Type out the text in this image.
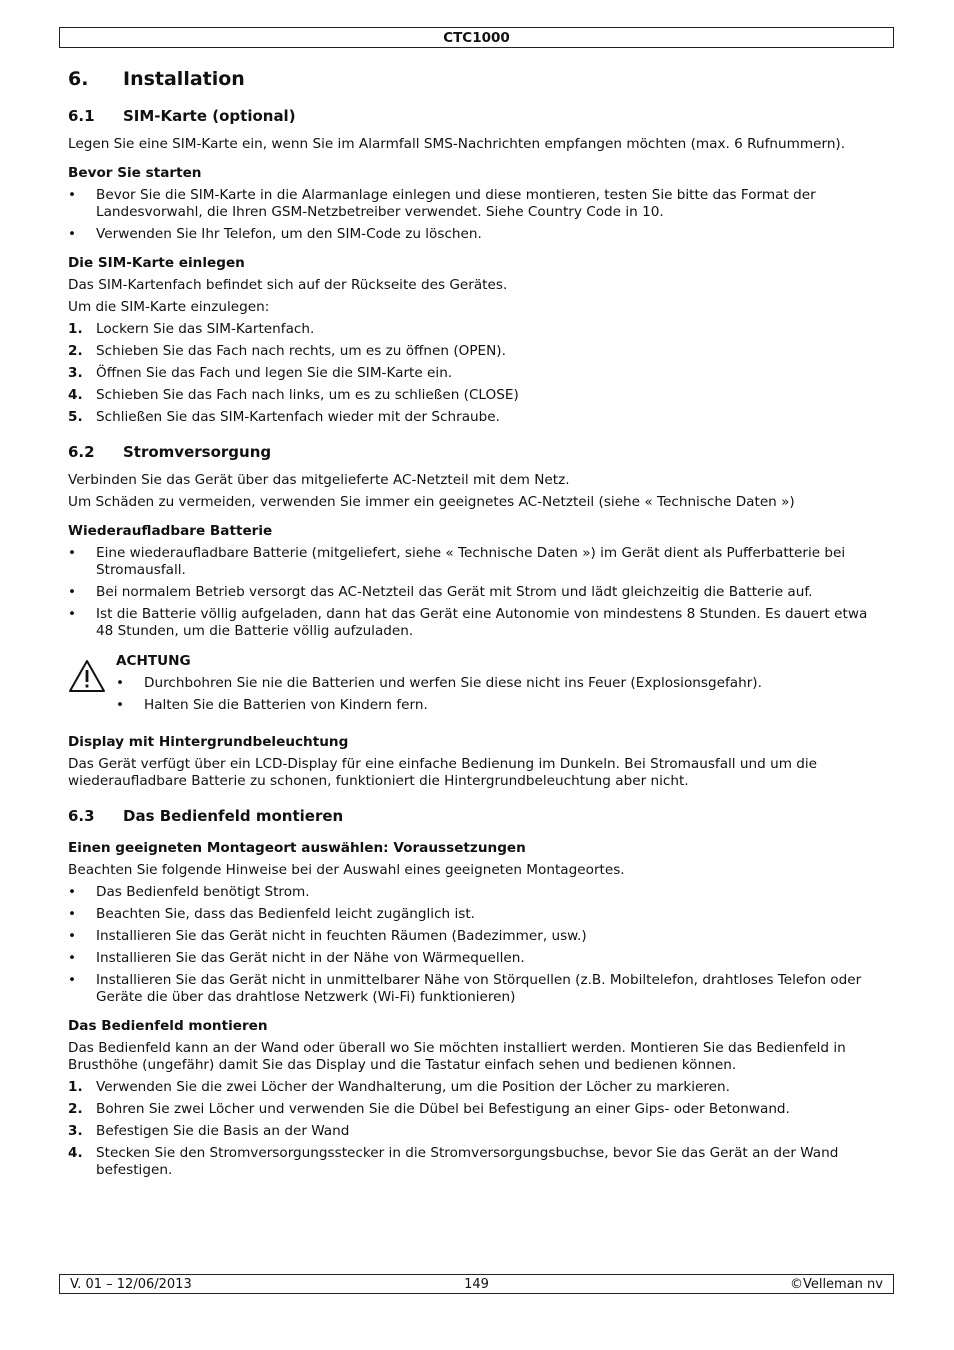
CTC1000
6. Installation
6.1 SIM-Karte (optional)

Legen Sie eine SIM-Karte ein, wenn Sie im Alarmfall SMS-Nachrichten empfangen möchten (max. 6 Rufnummern).

Bevor Sie starten
• Bevor Sie die SIM-Karte in die Alarmanlage einlegen und diese montieren, testen Sie bitte das Format der Landesvorwahl, die Ihren GSM-Netzbetreiber verwendet. Siehe Country Code in 10.
• Verwenden Sie Ihr Telefon, um den SIM-Code zu löschen.
Die SIM-Karte einlegen

Das SIM-Kartenfach befindet sich auf der Rückseite des Gerätes.

Um die SIM-Karte einzulegen:

1. Lockern Sie das SIM-Kartenfach.
2. Schieben Sie das Fach nach rechts, um es zu öffnen (OPEN).
3. Öffnen Sie das Fach und legen Sie die SIM-Karte ein.
4. Schieben Sie das Fach nach links, um es zu schließen (CLOSE)
5. Schließen Sie das SIM-Kartenfach wieder mit der Schraube.
6.2 Stromversorgung

Verbinden Sie das Gerät über das mitgelieferte AC-Netzteil mit dem Netz.

Um Schäden zu vermeiden, verwenden Sie immer ein geeignetes AC-Netzteil (siehe « Technische Daten »)

Wiederaufladbare Batterie
• Eine wiederaufladbare Batterie (mitgeliefert, siehe « Technische Daten ») im Gerät dient als Pufferbatterie bei Stromausfall.
• Bei normalem Betrieb versorgt das AC-Netzteil das Gerät mit Strom und lädt gleichzeitig die Batterie auf.
• Ist die Batterie völlig aufgeladen, dann hat das Gerät eine Autonomie von mindestens 8 Stunden. Es dauert etwa 48 Stunden, um die Batterie völlig aufzuladen.
ACHTUNG
• Durchbohren Sie nie die Batterien und werfen Sie diese nicht ins Feuer (Explosionsgefahr).
• Halten Sie die Batterien von Kindern fern.
Display mit Hintergrundbeleuchtung

Das Gerät verfügt über ein LCD-Display für eine einfache Bedienung im Dunkeln. Bei Stromausfall und um die wiederaufladbare Batterie zu schonen, funktioniert die Hintergrundbeleuchtung aber nicht.

6.3 Das Bedienfeld montieren
Einen geeigneten Montageort auswählen: Voraussetzungen

Beachten Sie folgende Hinweise bei der Auswahl eines geeigneten Montageortes.

• Das Bedienfeld benötigt Strom.
• Beachten Sie, dass das Bedienfeld leicht zugänglich ist.
• Installieren Sie das Gerät nicht in feuchten Räumen (Badezimmer, usw.)
• Installieren Sie das Gerät nicht in der Nähe von Wärmequellen.
• Installieren Sie das Gerät nicht in unmittelbarer Nähe von Störquellen (z.B. Mobiltelefon, drahtloses Telefon oder Geräte die über das drahtlose Netzwerk (Wi-Fi) funktionieren)
Das Bedienfeld montieren

Das Bedienfeld kann an der Wand oder überall wo Sie möchten installiert werden. Montieren Sie das Bedienfeld in Brusthöhe (ungefähr) damit Sie das Display und die Tastatur einfach sehen und bedienen können.

1. Verwenden Sie die zwei Löcher der Wandhalterung, um die Position der Löcher zu markieren.
2. Bohren Sie zwei Löcher und verwenden Sie die Dübel bei Befestigung an einer Gips- oder Betonwand.
3. Befestigen Sie die Basis an der Wand
4. Stecken Sie den Stromversorgungsstecker in die Stromversorgungsbuchse, bevor Sie das Gerät an der Wand befestigen.
V. 01 – 12/06/2013	149	©Velleman nv
